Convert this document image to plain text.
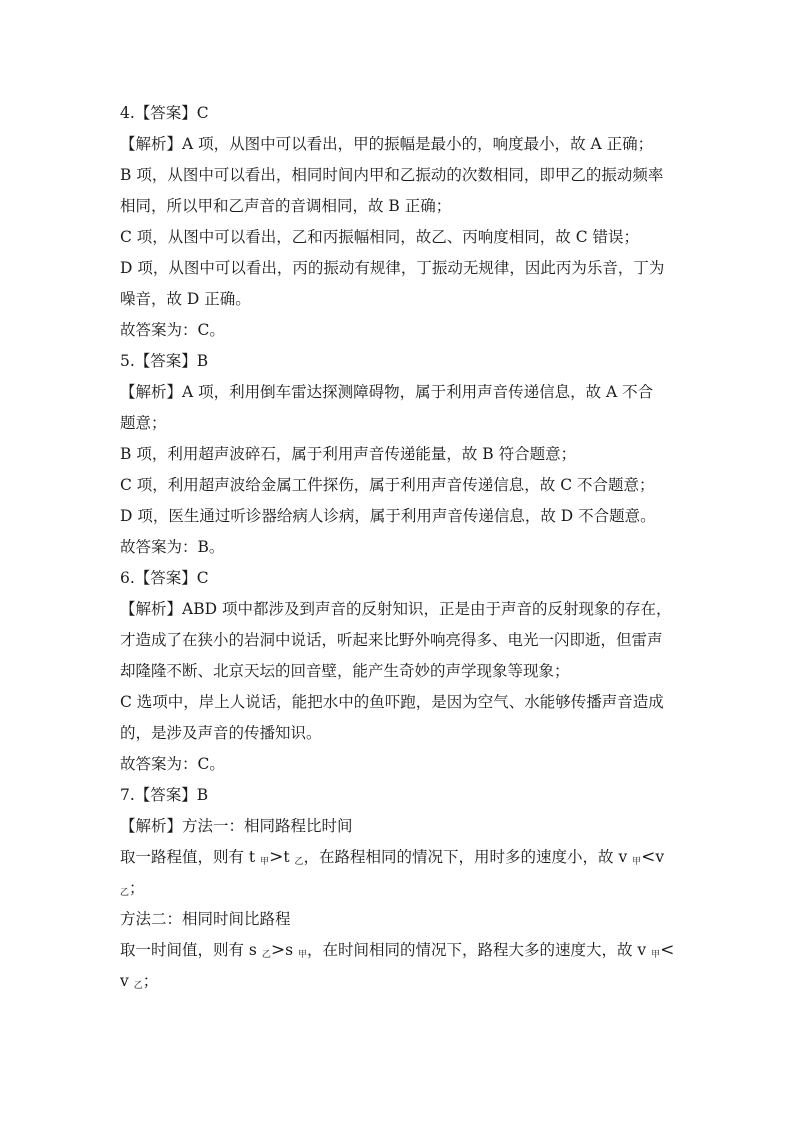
4.【答案】C
【解析】A 项，从图中可以看出，甲的振幅是最小的，响度最小，故 A 正确；
B 项，从图中可以看出，相同时间内甲和乙振动的次数相同，即甲乙的振动频率
相同，所以甲和乙声音的音调相同，故 B 正确；
C 项，从图中可以看出，乙和丙振幅相同，故乙、丙响度相同，故 C 错误；
D 项，从图中可以看出，丙的振动有规律，丁振动无规律，因此丙为乐音，丁为
噪音，故 D 正确。
故答案为：C。
5.【答案】B
【解析】A 项，利用倒车雷达探测障碍物，属于利用声音传递信息，故 A 不合
题意；
B 项，利用超声波碎石，属于利用声音传递能量，故 B 符合题意；
C 项，利用超声波给金属工件探伤，属于利用声音传递信息，故 C 不合题意；
D 项，医生通过听诊器给病人诊病，属于利用声音传递信息，故 D 不合题意。
故答案为：B。
6.【答案】C
【解析】ABD 项中都涉及到声音的反射知识，正是由于声音的反射现象的存在，
才造成了在狭小的岩洞中说话，听起来比野外响亮得多、电光一闪即逝，但雷声
却隆隆不断、北京天坛的回音壁，能产生奇妙的声学现象等现象；
C 选项中，岸上人说话，能把水中的鱼吓跑，是因为空气、水能够传播声音造成
的，是涉及声音的传播知识。
故答案为：C。
7.【答案】B
【解析】方法一：相同路程比时间
取一路程值，则有 t $_甲$>t $_乙$，在路程相同的情况下，用时多的速度小，故 v $_甲$<v
$_乙$；
方法二：相同时间比路程
取一时间值，则有 s $_乙$>s $_甲$，在时间相同的情况下，路程大多的速度大，故 v $_甲$<
v $_乙$；
